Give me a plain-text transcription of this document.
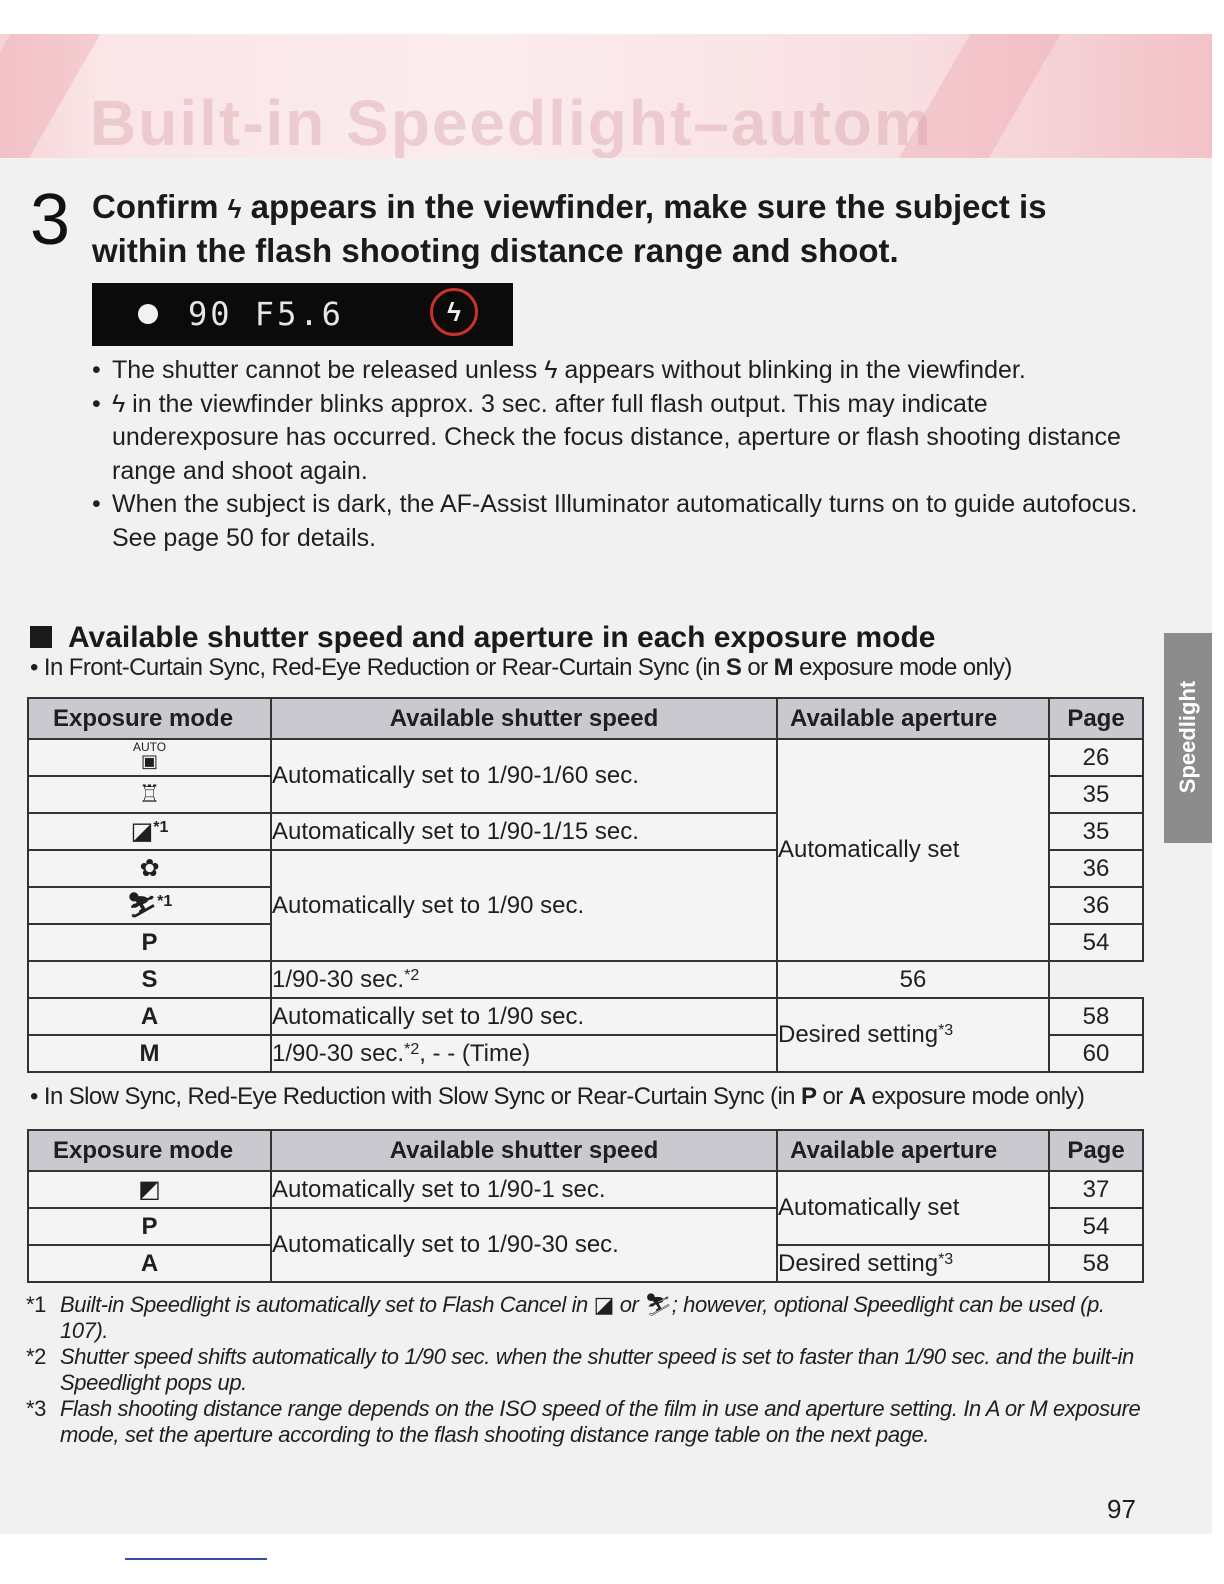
Built-in Speedlight–autom
3 Confirm ϟ appears in the viewfinder, make sure the subject is
within the flash shooting distance range and shoot.
90 F5.6	ϟ
• The shutter cannot be released unless ϟ appears without blinking in the viewfinder.
• ϟ in the viewfinder blinks approx. 3 sec. after full flash output. This may indicate underexposure has occurred. Check the focus distance, aperture or flash shooting distance range and shoot again.
• When the subject is dark, the AF-Assist Illuminator automatically turns on to guide autofocus. See page 50 for details.
Available shutter speed and aperture in each exposure mode
• In Front-Curtain Sync, Red-Eye Reduction or Rear-Curtain Sync (in S or M exposure mode only)
Exposure mode	Available shutter speed	Available aperture	Page
AUTO
▣	Automatically set to 1/90-1/60 sec.	Automatically set	26
♖			35
◪$^{*1}$	Automatically set to 1/90-1/15 sec.		35
✿	Automatically set to 1/90 sec.		36
⛷$^{*1}$			36
P			54
S	1/90-30 sec.$^{*2}$	56	
A	Automatically set to 1/90 sec.	Desired setting$^{*3}$	58
M	1/90-30 sec.$^{*2}$, - - (Time)		60
• In Slow Sync, Red-Eye Reduction with Slow Sync or Rear-Curtain Sync (in P or A exposure mode only)
Exposure mode	Available shutter speed	Available aperture	Page
◩	Automatically set to 1/90-1 sec.	Automatically set	37
P	Automatically set to 1/90-30 sec.		54
A		Desired setting$^{*3}$	58
*1 Built-in Speedlight is automatically set to Flash Cancel in ◪ or ⛷; however, optional Speedlight can be used (p. 107).
*2 Shutter speed shifts automatically to 1/90 sec. when the shutter speed is set to faster than 1/90 sec. and the built-in Speedlight pops up.
*3 Flash shooting distance range depends on the ISO speed of the film in use and aperture setting. In A or M exposure mode, set the aperture according to the flash shooting distance range table on the next page.
Speedlight
97
